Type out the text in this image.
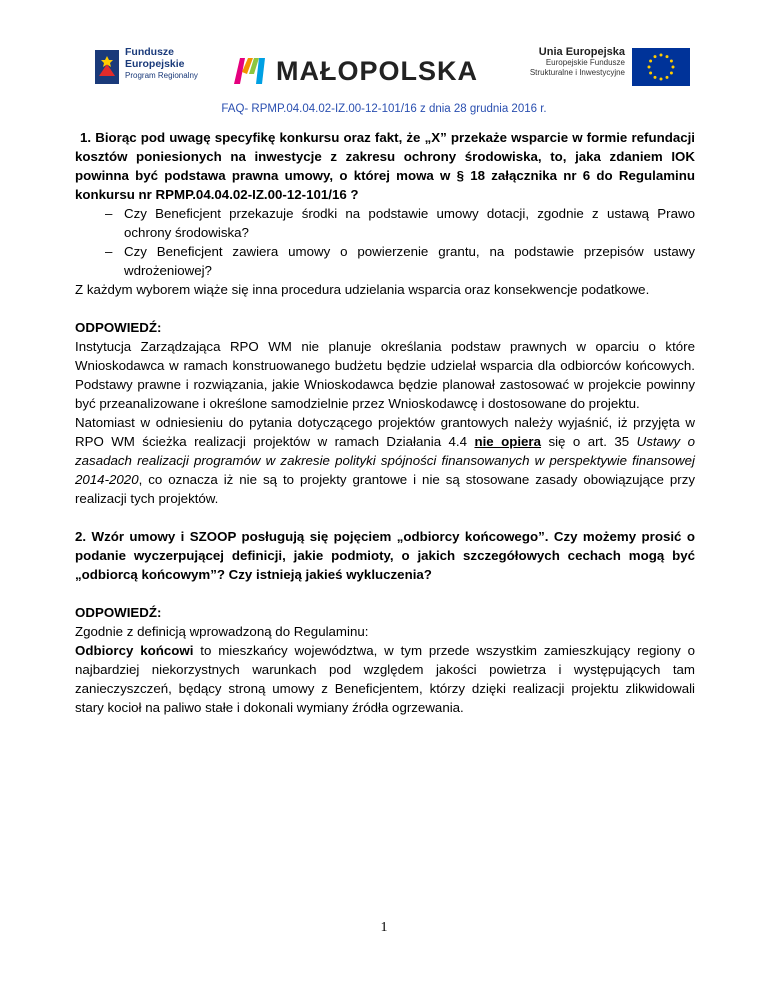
Fundusze
Europejskie
Program Regionalny	MAŁOPOLSKA
Unia Europejska
Europejskie Fundusze
Strukturalne i Inwestycyjne
FAQ- RPMP.04.04.02-IZ.00-12-101/16 z dnia 28 grudnia 2016 r.

1. Biorąc pod uwagę specyfikę konkursu oraz fakt, że „X” przekaże wsparcie w formie refundacji kosztów poniesionych na inwestycje z zakresu ochrony środowiska, to, jaka zdaniem IOK powinna być podstawa prawna umowy, o której mowa w § 18 załącznika nr 6 do Regulaminu konkursu nr RPMP.04.04.02-IZ.00-12-101/16 ?

– Czy Beneficjent przekazuje środki na podstawie umowy dotacji, zgodnie z ustawą Prawo ochrony środowiska?
– Czy Beneficjent zawiera umowy o powierzenie grantu, na podstawie przepisów ustawy wdrożeniowej?

Z każdym wyborem wiąże się inna procedura udzielania wsparcia oraz konsekwencje podatkowe.

ODPOWIEDŹ:

Instytucja Zarządzająca RPO WM nie planuje określania podstaw prawnych w oparciu o które Wnioskodawca w ramach konstruowanego budżetu będzie udzielał wsparcia dla odbiorców końcowych. Podstawy prawne i rozwiązania, jakie Wnioskodawca będzie planował zastosować w projekcie powinny być przeanalizowane i określone samodzielnie przez Wnioskodawcę i dostosowane do projektu.

Natomiast w odniesieniu do pytania dotyczącego projektów grantowych należy wyjaśnić, iż przyjęta w RPO WM ścieżka realizacji projektów w ramach Działania 4.4 nie opiera się o art. 35 Ustawy o zasadach realizacji programów w zakresie polityki spójności finansowanych w perspektywie finansowej 2014-2020, co oznacza iż nie są to projekty grantowe i nie są stosowane zasady obowiązujące przy realizacji tych projektów.

2. Wzór umowy i SZOOP posługują się pojęciem „odbiorcy końcowego”. Czy możemy prosić o podanie wyczerpującej definicji, jakie podmioty, o jakich szczegółowych cechach mogą być „odbiorcą końcowym”? Czy istnieją jakieś wykluczenia?

ODPOWIEDŹ:

Zgodnie z definicją wprowadzoną do Regulaminu:

Odbiorcy końcowi to mieszkańcy województwa, w tym przede wszystkim zamieszkujący regiony o najbardziej niekorzystnych warunkach pod względem jakości powietrza i występujących tam zanieczyszczeń, będący stroną umowy z Beneficjentem, którzy dzięki realizacji projektu zlikwidowali stary kocioł na paliwo stałe i dokonali wymiany źródła ogrzewania.

1
